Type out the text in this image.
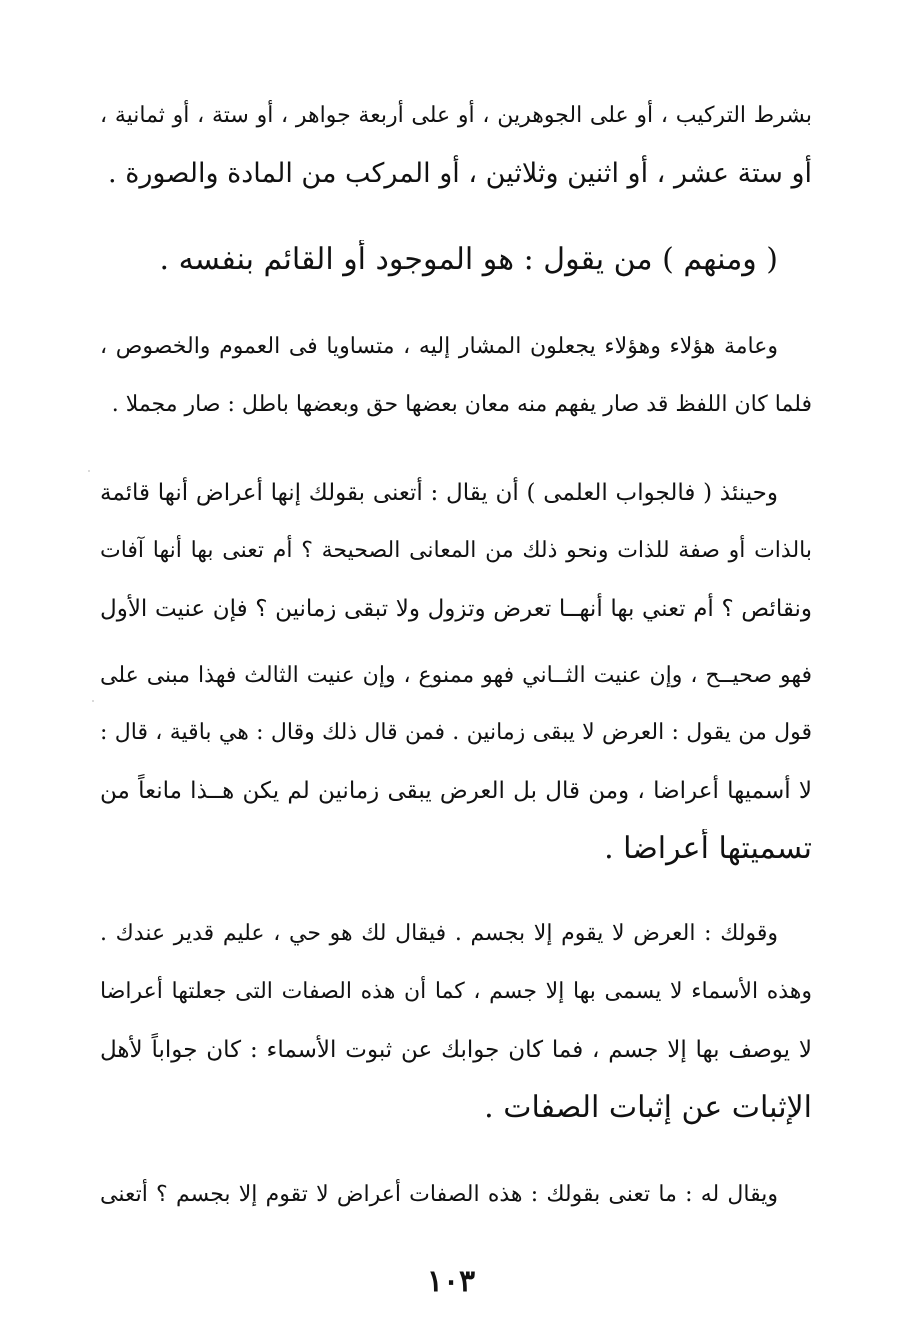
بشرط التركيب ، أو على الجوهرين ، أو على أربعة جواهر ، أو ستة ، أو ثمانية ،
أو ستة عشر ، أو اثنين وثلاثين ، أو المركب من المادة والصورة .
( ومنهم ) من يقول : هو الموجود أو القائم بنفسه .
وعامة هؤلاء وهؤلاء يجعلون المشار إليه ، متساويا فى العموم والخصوص ،
فلما كان اللفظ قد صار يفهم منه معان بعضها حق وبعضها باطل : صار مجملا .
وحينئذ ( فالجواب العلمى ) أن يقال : أتعنى بقولك إنها أعراض أنها قائمة
بالذات أو صفة للذات ونحو ذلك من المعانى الصحيحة ؟ أم تعنى بها أنها آفات
ونقائص ؟ أم تعني بها أنهــا تعرض وتزول ولا تبقى زمانين ؟ فإن عنيت الأول
فهو صحيــح ، وإن عنيت الثــاني فهو ممنوع ، وإن عنيت الثالث فهذا مبنى على
قول من يقول : العرض لا يبقى زمانين . فمن قال ذلك وقال : هي باقية ، قال :
لا أسميها أعراضا ، ومن قال بل العرض يبقى زمانين لم يكن هــذا مانعاً من
تسميتها أعراضا .
وقولك : العرض لا يقوم إلا بجسم . فيقال لك هو حي ، عليم قدير عندك .
وهذه الأسماء لا يسمى بها إلا جسم ، كما أن هذه الصفات التى جعلتها أعراضا
لا يوصف بها إلا جسم ، فما كان جوابك عن ثبوت الأسماء : كان جواباً لأهل
الإثبات عن إثبات الصفات .
ويقال له : ما تعنى بقولك : هذه الصفات أعراض لا تقوم إلا بجسم ؟ أتعنى
١٠٣
